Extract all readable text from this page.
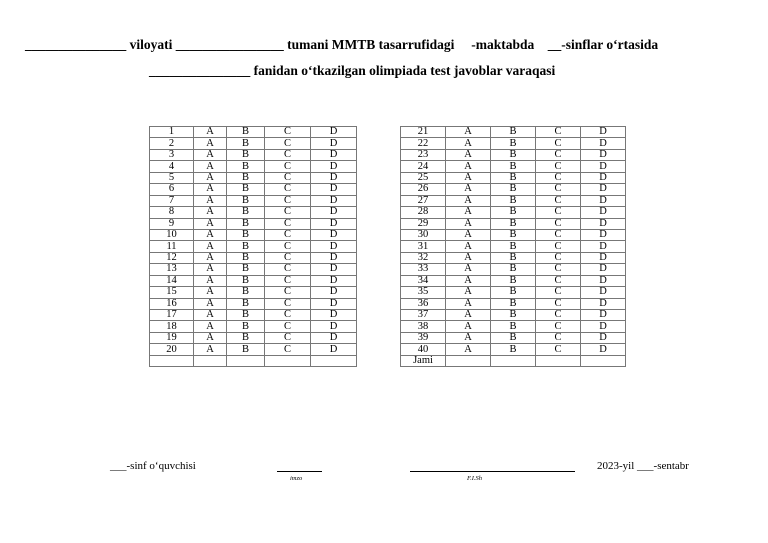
_______________ viloyati ________________ tumani MMTB tasarrufidagi     -maktabda    __-sinflar o‘rtasida
_______________ fanidan o‘tkazilgan olimpiada test javoblar varaqasi
1	A	B	C	D
2	A	B	C	D
3	A	B	C	D
4	A	B	C	D
5	A	B	C	D
6	A	B	C	D
7	A	B	C	D
8	A	B	C	D
9	A	B	C	D
10	A	B	C	D
11	A	B	C	D
12	A	B	C	D
13	A	B	C	D
14	A	B	C	D
15	A	B	C	D
16	A	B	C	D
17	A	B	C	D
18	A	B	C	D
19	A	B	C	D
20	A	B	C	D

21	A	B	C	D
22	A	B	C	D
23	A	B	C	D
24	A	B	C	D
25	A	B	C	D
26	A	B	C	D
27	A	B	C	D
28	A	B	C	D
29	A	B	C	D
30	A	B	C	D
31	A	B	C	D
32	A	B	C	D
33	A	B	C	D
34	A	B	C	D
35	A	B	C	D
36	A	B	C	D
37	A	B	C	D
38	A	B	C	D
39	A	B	C	D
40	A	B	C	D
Jami				
___-sinf o‘quvchisi
imzo	F.I.Sh
2023-yil ___-sentabr
